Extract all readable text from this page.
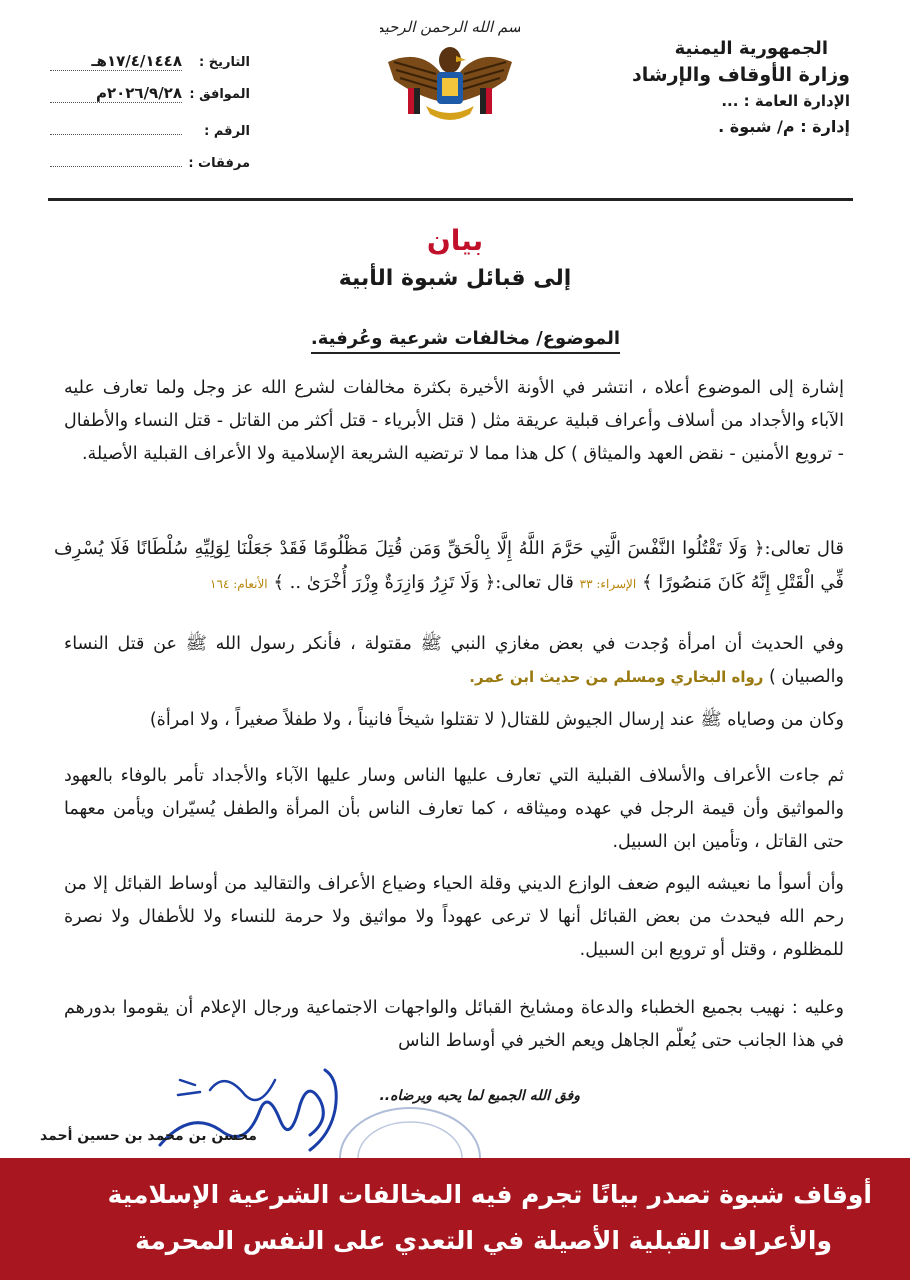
الجمهورية اليمنية
وزارة الأوقاف والإرشاد
الإدارة العامة : ...
إدارة : م/ شبوة .
بسم الله الرحمن الرحيم
التاريخ :
١٧/٤/١٤٤٨هـ
الموافق :
٢٠٢٦/٩/٢٨م
الرقم :
مرفقات :
بيان
إلى قبائل شبوة الأبية
الموضوع/ مخالفات شرعية وعُرفية.
إشارة إلى الموضوع أعلاه ، انتشر في الأونة الأخيرة بكثرة مخالفات لشرع الله عز وجل ولما تعارف عليه الآباء والأجداد من أسلاف وأعراف قبلية عريقة مثل ( قتل الأبرياء - قتل أكثر من القاتل - قتل النساء والأطفال - ترويع الأمنين - نقض العهد والميثاق ) كل هذا مما لا ترتضيه الشريعة الإسلامية ولا الأعراف القبلية الأصيلة.
قال تعالى:﴿ وَلَا تَقْتُلُوا النَّفْسَ الَّتِي حَرَّمَ اللَّهُ إِلَّا بِالْحَقِّ وَمَن قُتِلَ مَظْلُومًا فَقَدْ جَعَلْنَا لِوَلِيِّهِ سُلْطَانًا فَلَا يُسْرِف فِّي الْقَتْلِ إِنَّهُ كَانَ مَنصُورًا ﴾ الإسراء: ٣٣ قال تعالى:﴿ وَلَا تَزِرُ وَازِرَةٌ وِزْرَ أُخْرَىٰ .. ﴾ الأنعام: ١٦٤
وفي الحديث أن امرأة وُجدت في بعض مغازي النبي ﷺ مقتولة ، فأنكر رسول الله ﷺ عن قتل النساء والصبيان ) رواه البخاري ومسلم من حديث ابن عمر.
وكان من وصاياه ﷺ عند إرسال الجيوش للقتال( لا تقتلوا شيخاً فانيناً ، ولا طفلاً صغيراً ، ولا امرأة)
ثم جاءت الأعراف والأسلاف القبلية التي تعارف عليها الناس وسار عليها الآباء والأجداد تأمر بالوفاء بالعهود والمواثيق وأن قيمة الرجل في عهده وميثاقه ، كما تعارف الناس بأن المرأة والطفل يُسيّران ويأمن معهما حتى القاتل ، وتأمين ابن السبيل.
وأن أسوأ ما نعيشه اليوم ضعف الوازع الديني وقلة الحياء وضياع الأعراف والتقاليد من أوساط القبائل إلا من رحم الله فيحدث من بعض القبائل أنها لا ترعى عهوداً ولا مواثيق ولا حرمة للنساء ولا للأطفال ولا نصرة للمظلوم ، وقتل أو ترويع ابن السبيل.
وعليه : نهيب بجميع الخطباء والدعاة ومشايخ القبائل والواجهات الاجتماعية ورجال الإعلام أن يقوموا بدورهم في هذا الجانب حتى يُعلّم الجاهل ويعم الخير في أوساط الناس
وفق الله الجميع لما يحبه ويرضاه..
محسن بن محمد بن حسين أحمد
أوقاف شبوة تصدر بيانًا تجرم فيه المخالفات الشرعية الإسلامية
والأعراف القبلية الأصيلة في التعدي على النفس المحرمة
